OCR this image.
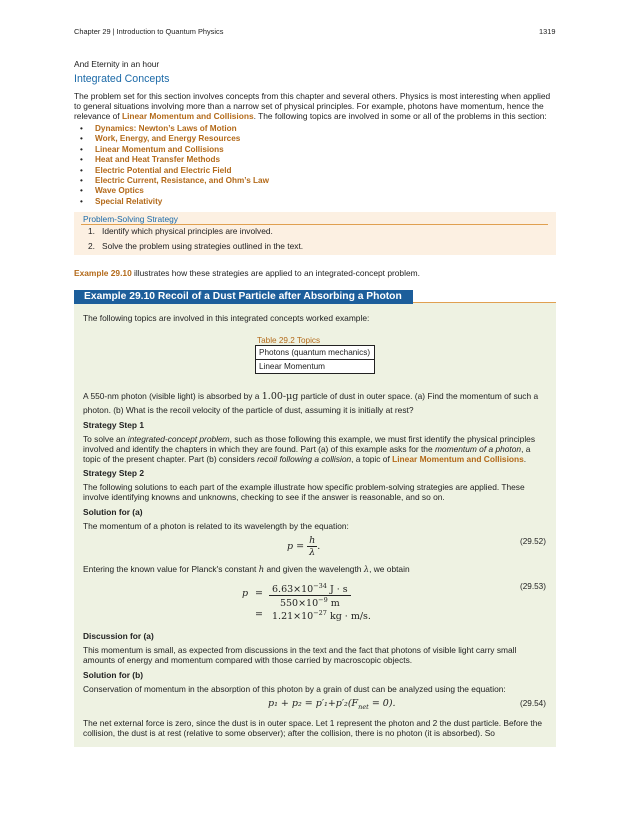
Chapter 29 | Introduction to Quantum Physics	1319

And Eternity in an hour

Integrated Concepts

The problem set for this section involves concepts from this chapter and several others. Physics is most interesting when applied

to general situations involving more than a narrow set of physical principles. For example, photons have momentum, hence the

relevance of Linear Momentum and Collisions. The following topics are involved in some or all of the problems in this section:

• Dynamics: Newton’s Laws of Motion
• Work, Energy, and Energy Resources
• Linear Momentum and Collisions
• Heat and Heat Transfer Methods
• Electric Potential and Electric Field
• Electric Current, Resistance, and Ohm’s Law
• Wave Optics
• Special Relativity
Problem-Solving Strategy
1. Identify which physical principles are involved.
2. Solve the problem using strategies outlined in the text.

Example 29.10 illustrates how these strategies are applied to an integrated-concept problem.

Example 29.10 Recoil of a Dust Particle after Absorbing a Photon

The following topics are involved in this integrated concepts worked example:

Table 29.2 Topics
Photons (quantum mechanics)
Linear Momentum

A 550-nm photon (visible light) is absorbed by a 1.00-μg particle of dust in outer space. (a) Find the momentum of such a

photon. (b) What is the recoil velocity of the particle of dust, assuming it is initially at rest?

Strategy Step 1

To solve an integrated-concept problem, such as those following this example, we must first identify the physical principles

involved and identify the chapters in which they are found. Part (a) of this example asks for the momentum of a photon, a

topic of the present chapter. Part (b) considers recoil following a collision, a topic of Linear Momentum and Collisions.

Strategy Step 2

The following solutions to each part of the example illustrate how specific problem-solving strategies are applied. These

involve identifying knowns and unknowns, checking to see if the answer is reasonable, and so on.

Solution for (a)

The momentum of a photon is related to its wavelength by the equation:

$p = \frac{h}{\lambda}$ .	(29.52)

Entering the known value for Planck's constant h and given the wavelength λ, we obtain

$p = 6.63\times 10^{-34}$ J · s
$550\times 10^{-9}$ m
= $1.21\times 10^{-27}$ kg · m/s.
(29.53)
Discussion for (a)

This momentum is small, as expected from discussions in the text and the fact that photons of visible light carry small

amounts of energy and momentum compared with those carried by macroscopic objects.

Solution for (b)

Conservation of momentum in the absorption of this photon by a grain of dust can be analyzed using the equation:

$p_1 + p_2 = p'_1+p'_2(F_{net} = 0)$.	(29.54)

The net external force is zero, since the dust is in outer space. Let 1 represent the photon and 2 the dust particle. Before the

collision, the dust is at rest (relative to some observer); after the collision, there is no photon (it is absorbed). So
